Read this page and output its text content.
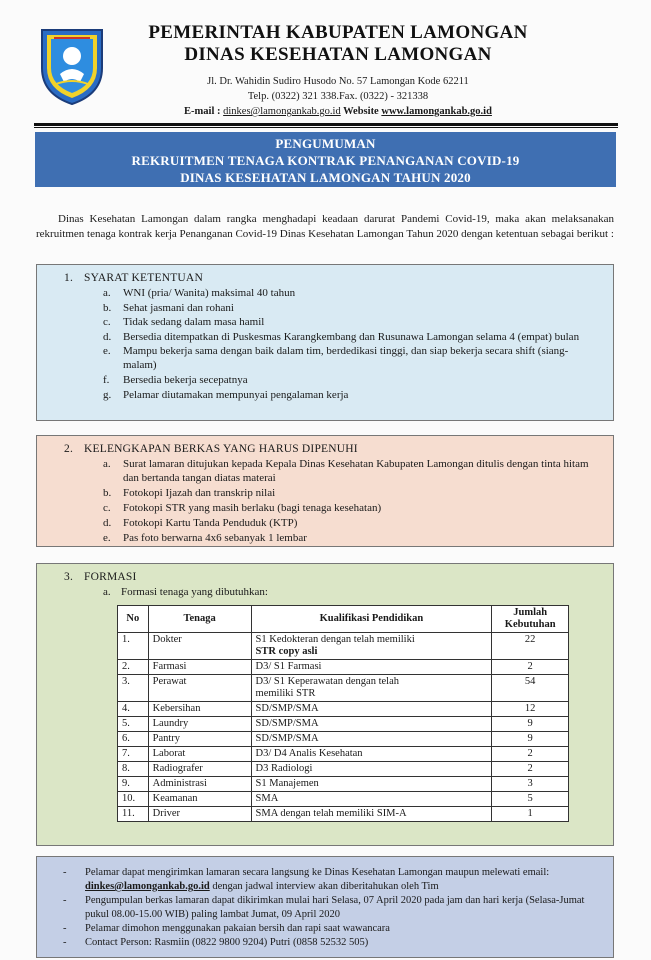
PEMERINTAH KABUPATEN LAMONGAN
DINAS KESEHATAN LAMONGAN
Jl. Dr. Wahidin Sudiro Husodo No. 57 Lamongan Kode 62211
Telp. (0322) 321 338.Fax. (0322) - 321338
E-mail : dinkes@lamongankab.go.id Website www.lamongankab.go.id
PENGUMUMAN
REKRUITMEN TENAGA KONTRAK PENANGANAN COVID-19
DINAS KESEHATAN LAMONGAN TAHUN 2020
Dinas Kesehatan Lamongan dalam rangka menghadapi keadaan darurat Pandemi Covid-19, maka akan melaksanakan rekruitmen tenaga kontrak kerja Penanganan Covid-19 Dinas Kesehatan Lamongan Tahun 2020 dengan ketentuan sebagai berikut :
1. SYARAT KETENTUAN
a. WNI (pria/ Wanita) maksimal 40 tahun
b. Sehat jasmani dan rohani
c. Tidak sedang dalam masa hamil
d. Bersedia ditempatkan di Puskesmas Karangkembang dan Rusunawa Lamongan selama 4 (empat) bulan
e. Mampu bekerja sama dengan baik dalam tim, berdedikasi tinggi, dan siap bekerja secara shift (siang-malam)
f. Bersedia bekerja secepatnya
g. Pelamar diutamakan mempunyai pengalaman kerja
2. KELENGKAPAN BERKAS YANG HARUS DIPENUHI
a. Surat lamaran ditujukan kepada Kepala Dinas Kesehatan Kabupaten Lamongan ditulis dengan tinta hitam dan bertanda tangan diatas materai
b. Fotokopi Ijazah dan transkrip nilai
c. Fotokopi STR yang masih berlaku (bagi tenaga kesehatan)
d. Fotokopi Kartu Tanda Penduduk (KTP)
e. Pas foto berwarna 4x6 sebanyak 1 lembar
3. FORMASI
a. Formasi tenaga yang dibutuhkan:
No	Tenaga	Kualifikasi Pendidikan	Jumlah Kebutuhan
1.	Dokter	S1 Kedokteran dengan telah memiliki
STR copy asli	22
2.	Farmasi	D3/ S1 Farmasi	2
3.	Perawat	D3/ S1 Keperawatan dengan telah
memiliki STR	54
4.	Kebersihan	SD/SMP/SMA	12
5.	Laundry	SD/SMP/SMA	9
6.	Pantry	SD/SMP/SMA	9
7.	Laborat	D3/ D4 Analis Kesehatan	2
8.	Radiografer	D3 Radiologi	2
9.	Administrasi	S1 Manajemen	3
10.	Keamanan	SMA	5
11.	Driver	SMA dengan telah memiliki SIM-A	1
- Pelamar dapat mengirimkan lamaran secara langsung ke Dinas Kesehatan Lamongan maupun melewati email: dinkes@lamongankab.go.id dengan jadwal interview akan diberitahukan oleh Tim
- Pengumpulan berkas lamaran dapat dikirimkan mulai hari Selasa, 07 April 2020 pada jam dan hari kerja (Selasa-Jumat pukul 08.00-15.00 WIB) paling lambat Jumat, 09 April 2020
- Pelamar dimohon menggunakan pakaian bersih dan rapi saat wawancara
- Contact Person: Rasmiin (0822 9800 9204) Putri (0858 52532 505)
